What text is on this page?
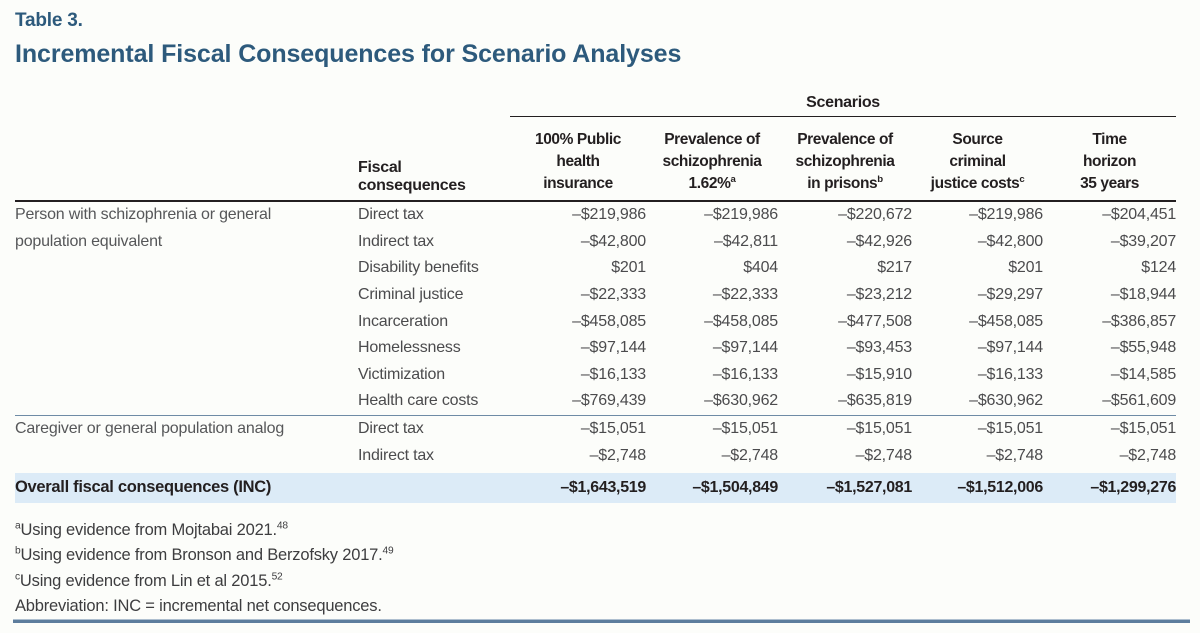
Table 3.
Incremental Fiscal Consequences for Scenario Analyses

		Scenarios				

	Fiscal consequences	
100% Public
health
insurance

Prevalence of
schizophrenia
1.62%$^a$

Prevalence of
schizophrenia
in prisons$^b$

Source
criminal
justice costs$^c$

Time
horizon
35 years

Person with schizophrenia or general population equivalent	Direct tax	–$219,986	–$219,986	–$220,672	–$219,986	–$204,451
	Indirect tax	–$42,800	–$42,811	–$42,926	–$42,800	–$39,207
	Disability benefits	$201	$404	$217	$201	$124
	Criminal justice	–$22,333	–$22,333	–$23,212	–$29,297	–$18,944
	Incarceration	–$458,085	–$458,085	–$477,508	–$458,085	–$386,857
	Homelessness	–$97,144	–$97,144	–$93,453	–$97,144	–$55,948
	Victimization	–$16,133	–$16,133	–$15,910	–$16,133	–$14,585
	Health care costs	–$769,439	–$630,962	–$635,819	–$630,962	–$561,609
Caregiver or general population analog	Direct tax	–$15,051	–$15,051	–$15,051	–$15,051	–$15,051
	Indirect tax	–$2,748	–$2,748	–$2,748	–$2,748	–$2,748
Overall fiscal consequences (INC)		–$1,643,519	–$1,504,849	–$1,527,081	–$1,512,006	–$1,299,276
$^a$Using evidence from Mojtabai 2021.48
$^b$Using evidence from Bronson and Berzofsky 2017.49
$^c$Using evidence from Lin et al 2015.52
Abbreviation: INC = incremental net consequences.
